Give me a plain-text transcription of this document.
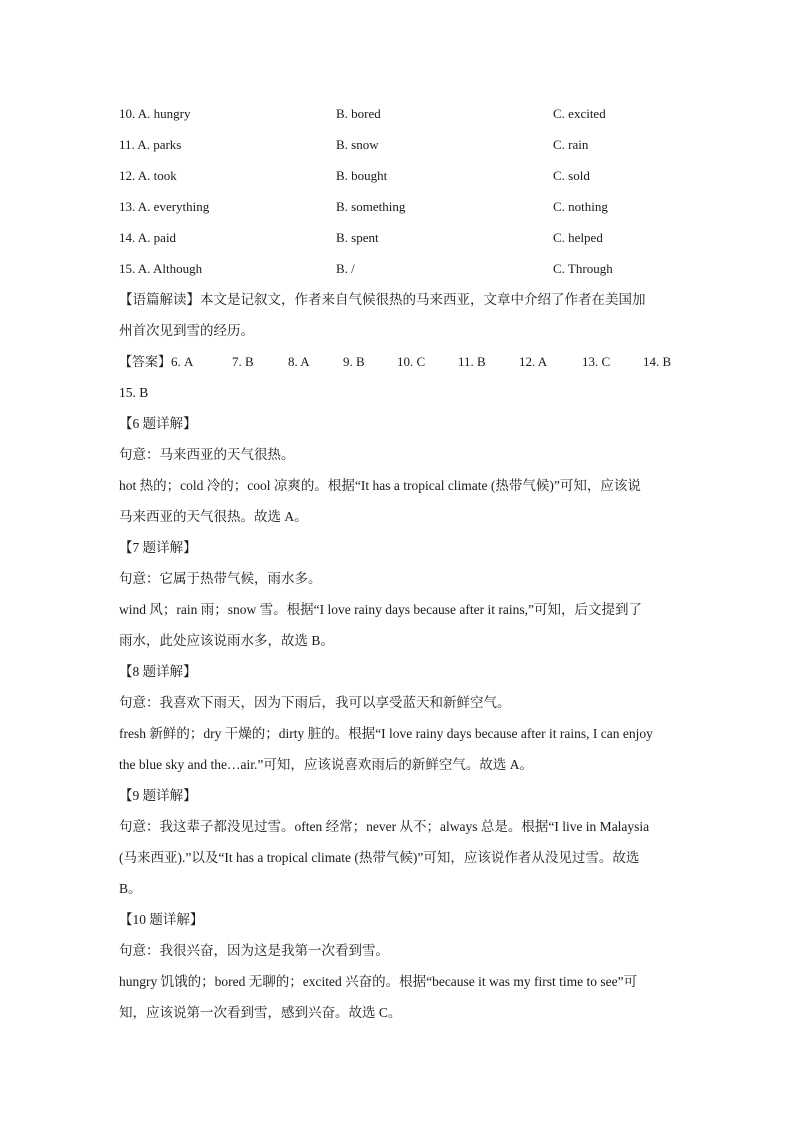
10. A. hungry	B. bored	C. excited
11. A. parks	B. snow	C. rain
12. A. took	B. bought	C. sold
13. A. everything	B. something	C. nothing
14. A. paid	B. spent	C. helped
15. A. Although	B. /	C. Through

【语篇解读】本文是记叙文，作者来自气候很热的马来西亚，文章中介绍了作者在美国加

州首次见到雪的经历。

【答案】6. A	7. B	8. A	9. B 10. C	11. B	12. A	13. C	14. B

15. B

【6 题详解】

句意：马来西亚的天气很热。

hot 热的；cold 冷的；cool 凉爽的。根据“It has a tropical climate (热带气候)”可知，应该说

马来西亚的天气很热。故选 A。

【7 题详解】

句意：它属于热带气候，雨水多。

wind 风；rain 雨；snow 雪。根据“I love rainy days because after it rains,”可知，后文提到了

雨水，此处应该说雨水多，故选 B。

【8 题详解】

句意：我喜欢下雨天，因为下雨后，我可以享受蓝天和新鲜空气。

fresh 新鲜的；dry 干燥的；dirty 脏的。根据“I love rainy days because after it rains, I can enjoy

the blue sky and the…air.”可知，应该说喜欢雨后的新鲜空气。故选 A。

【9 题详解】

句意：我这辈子都没见过雪。often 经常；never 从不；always 总是。根据“I live in Malaysia

(马来西亚).”以及“It has a tropical climate (热带气候)”可知，应该说作者从没见过雪。故选

B。

【10 题详解】

句意：我很兴奋，因为这是我第一次看到雪。

hungry 饥饿的；bored 无聊的；excited 兴奋的。根据“because it was my first time to see”可

知，应该说第一次看到雪，感到兴奋。故选 C。
